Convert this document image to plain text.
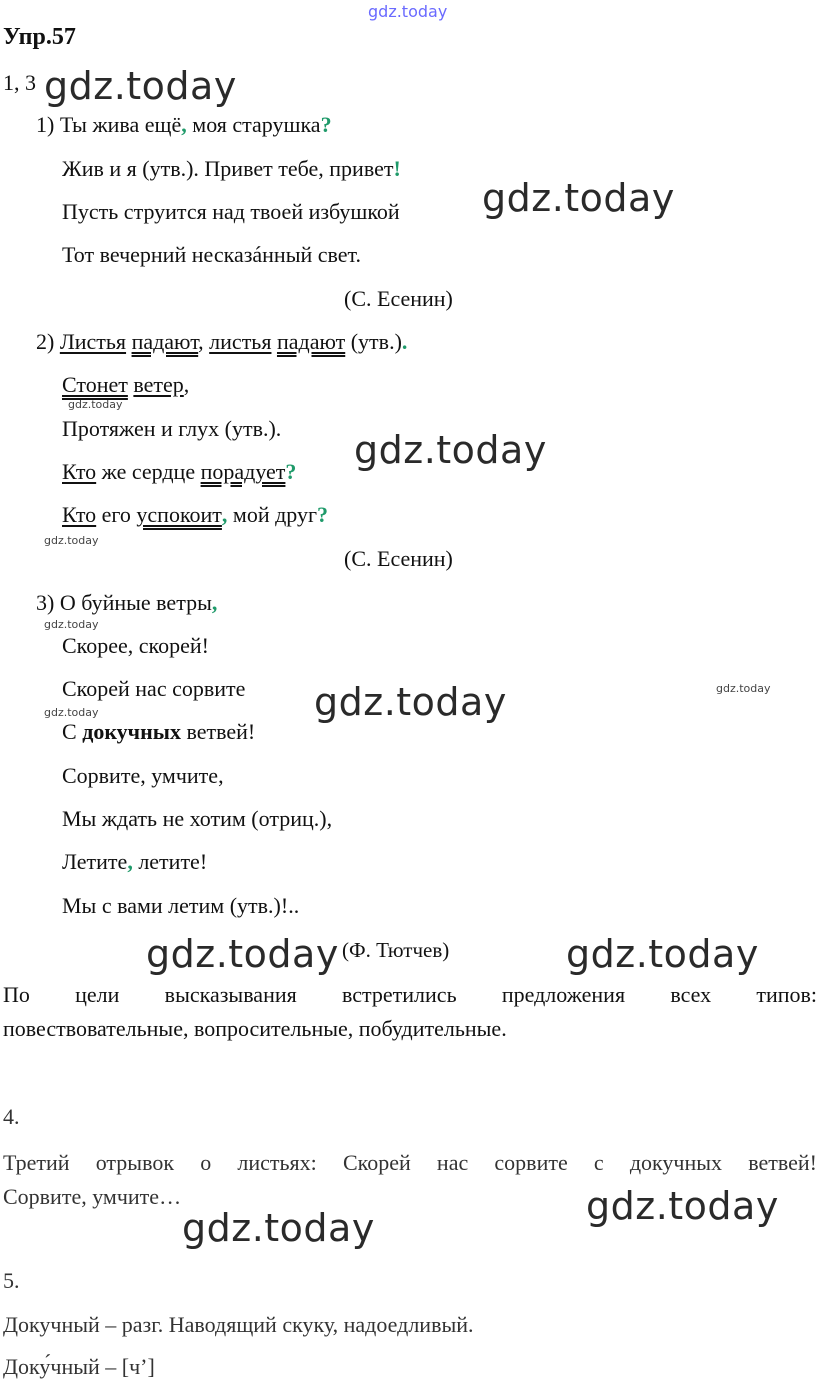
gdz.today
gdz.today
gdz.today
gdz.today
gdz.today
gdz.today
gdz.today
gdz.today
gdz.today	gdz.today
gdz.today	gdz.today
gdz.today
gdz.today
Упр.57
1, 3
1) Ты жива ещё, моя старушка?
Жив и я (утв.). Привет тебе, привет!
Пусть струится над твоей избушкой
Тот вечерний несказáнный свет.
(С. Есенин)
2) Листья падают, листья падают (утв.).
Стонет ветер,
Протяжен и глух (утв.).
Кто же сердце порадует?
Кто его успокоит, мой друг?
(С. Есенин)
3) О буйные ветры,
Скорее, скорей!
Скорей нас сорвите
С докучных ветвей!
Сорвите, умчите,
Мы ждать не хотим (отриц.),
Летите, летите!
Мы с вами летим (утв.)!..
(Ф. Тютчев)
По цели высказывания встретились предложения всех типов:
повествовательные, вопросительные, побудительные.
4.
Третий отрывок о листьях: Скорей нас сорвите с докучных ветвей!
Сорвите, умчите…
5.
Докучный – разг. Наводящий скуку, надоедливый.
Доку́чный – [ч’]
